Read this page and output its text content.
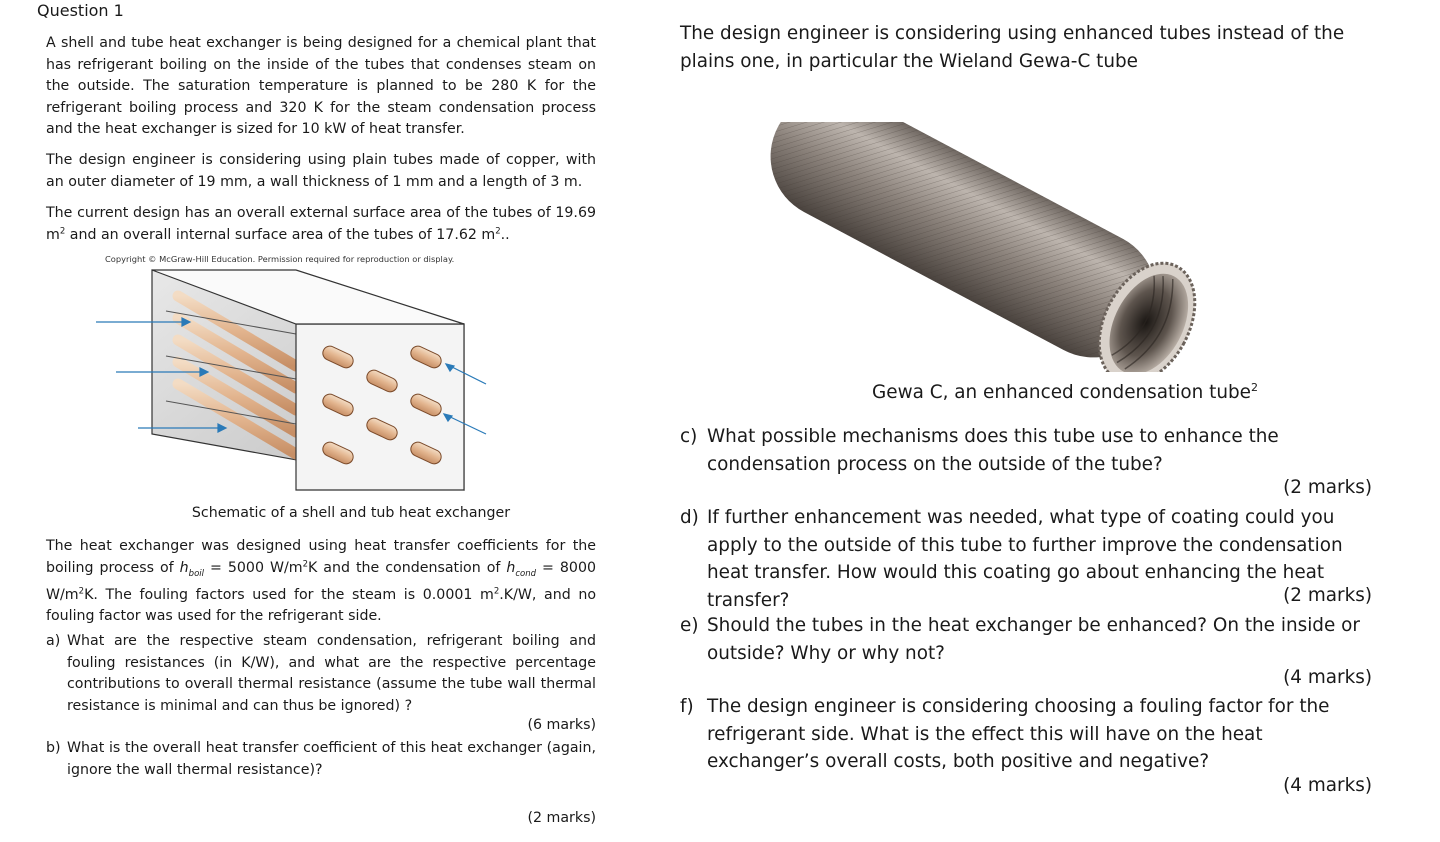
Question 1

A shell and tube heat exchanger is being designed for a chemical plant that has refrigerant boiling on the inside of the tubes that condenses steam on the outside. The saturation temperature is planned to be 280 K for the refrigerant boiling process and 320 K for the steam condensation process and the heat exchanger is sized for 10 kW of heat transfer.

The design engineer is considering using plain tubes made of copper, with an outer diameter of 19 mm, a wall thickness of 1 mm and a length of 3 m.

The current design has an overall external surface area of the tubes of 19.69 $m^2$ and an overall internal surface area of the tubes of 17.62 $m^2$..

Copyright © McGraw-Hill Education. Permission required for reproduction or display.
Schematic of a shell and tub heat exchanger

The heat exchanger was designed using heat transfer coefficients for the boiling process of $h_{boil} = 5000$ $W/m^2K$ and the condensation of $h_{cond} = 8000$ $W/m^2K$. The fouling factors used for the steam is 0.0001 $m^2.K/W$, and no fouling factor was used for the refrigerant side.

a) What are the respective steam condensation, refrigerant boiling and fouling resistances (in K/W), and what are the respective percentage contributions to overall thermal resistance (assume the tube wall thermal resistance is minimal and can thus be ignored) ?
(6 marks)
b) What is the overall heat transfer coefficient of this heat exchanger (again, ignore the wall thermal resistance)?
(2 marks)

The design engineer is considering using enhanced tubes instead of the plains one, in particular the Wieland Gewa-C tube

Gewa C, an enhanced condensation tube$^2$
c) What possible mechanisms does this tube use to enhance the condensation process on the outside of the tube?
(2 marks)
d) If further enhancement was needed, what type of coating could you apply to the outside of this tube to further improve the condensation heat transfer. How would this coating go about enhancing the heat transfer?	(2 marks)
e) Should the tubes in the heat exchanger be enhanced? On the inside or outside? Why or why not?
(4 marks)
f) The design engineer is considering choosing a fouling factor for the refrigerant side. What is the effect this will have on the heat exchanger’s overall costs, both positive and negative?
(4 marks)
